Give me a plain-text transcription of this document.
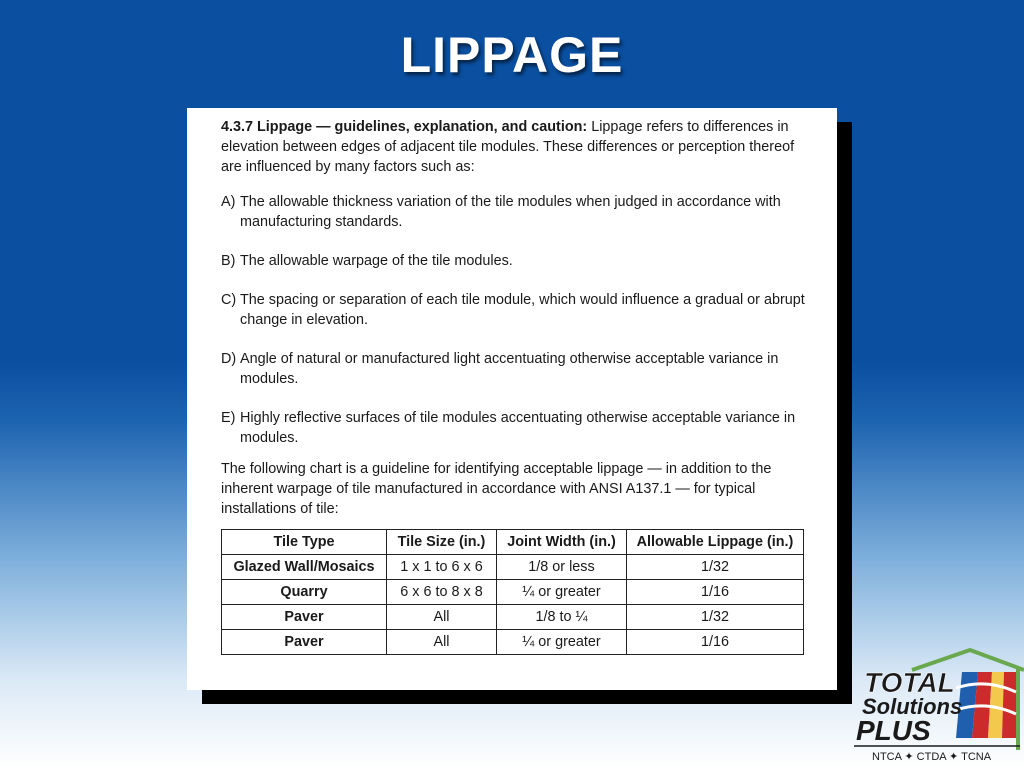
LIPPAGE

4.3.7 Lippage — guidelines, explanation, and caution: Lippage refers to differences in elevation between edges of adjacent tile modules. These differences or perception thereof are influenced by many factors such as:

A) The allowable thickness variation of the tile modules when judged in accordance with manufacturing standards.
B) The allowable warpage of the tile modules.
C) The spacing or separation of each tile module, which would influence a gradual or abrupt change in elevation.
D) Angle of natural or manufactured light accentuating otherwise acceptable variance in modules.
E) Highly reflective surfaces of tile modules accentuating otherwise acceptable variance in modules.

The following chart is a guideline for identifying acceptable lippage — in addition to the inherent warpage of tile manufactured in accordance with ANSI A137.1 — for typical installations of tile:

Tile Type	Tile Size (in.)	Joint Width (in.)	Allowable Lippage (in.)
Glazed Wall/Mosaics	1 x 1 to 6 x 6	1/8 or less	1/32
Quarry	6 x 6 to 8 x 8	¼ or greater	1/16
Paver	All	1/8 to ¼	1/32
Paver	All	¼ or greater	1/16
TOTAL
Solutions
PLUS
NTCA ✦ CTDA ✦ TCNA
